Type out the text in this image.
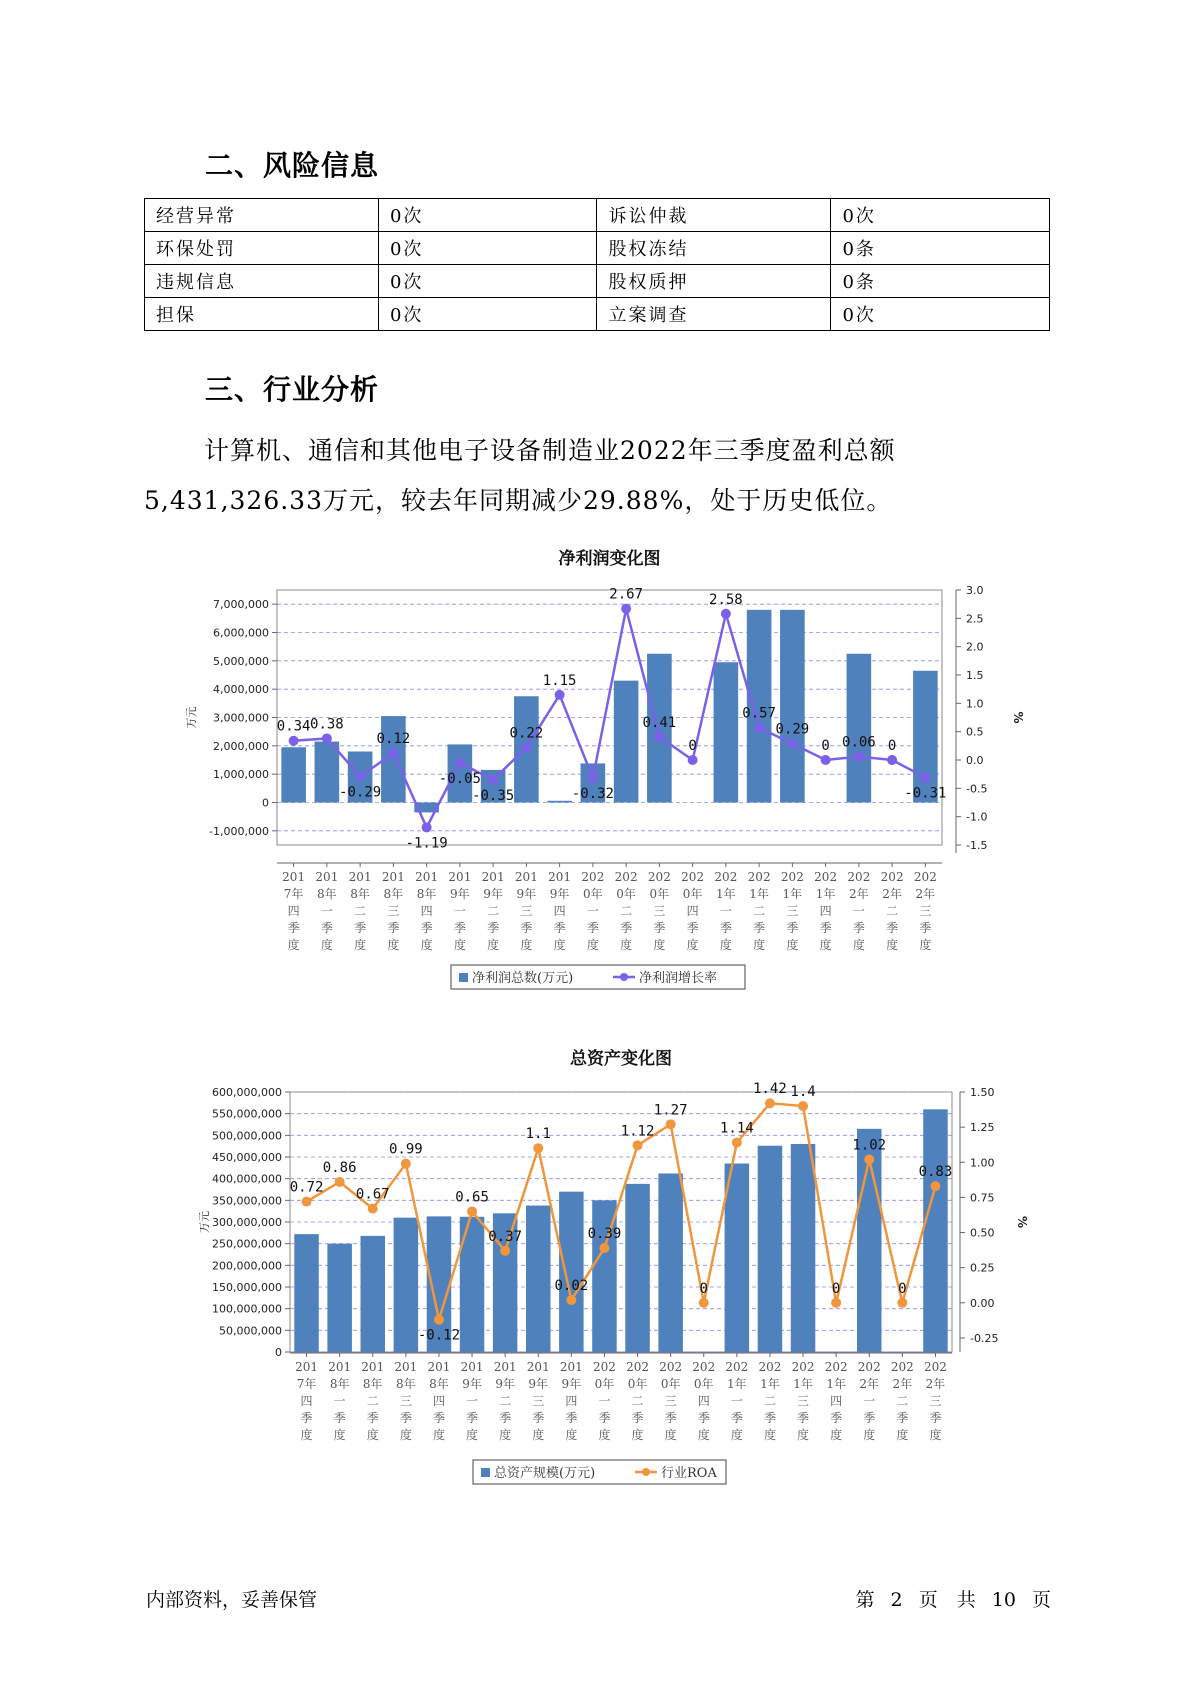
二、风险信息
经营异常	0次	诉讼仲裁	0次
环保处罚	0次	股权冻结	0条
违规信息	0次	股权质押	0条
担保	0次	立案调查	0次
三、行业分析

计算机、通信和其他电子设备制造业2022年三季度盈利总额
5,431,326.33万元，较去年同期减少29.88%，处于历史低位。

净利润变化图
-1,000,000
0
1,000,000
2,000,000
3,000,000
4,000,000
5,000,000
6,000,000
7,000,000
-1.5
-1.0
-0.5
0.0
0.5
1.0
1.5
2.0
2.5
3.0
万元	%
0.34 0.38
-0.29
0.12
-1.19
-0.05
-0.35
0.22
1.15
-0.32
2.67
0.41
0
2.58
0.57
0.29
0 0.06 0
-0.31
201
7年
四
季
度
201
8年
一
季
度
201
8年
二
季
度
201
8年
三
季
度
201
8年
四
季
度
201
9年
一
季
度
201
9年
二
季
度
201
9年
三
季
度
201
9年
四
季
度
202
0年
一
季
度
202
0年
二
季
度
202
0年
三
季
度
202
0年
四
季
度
202
1年
一
季
度
202
1年
二
季
度
202
1年
三
季
度
202
1年
四
季
度
202
2年
一
季
度
202
2年
二
季
度
202
2年
三
季
度
净利润总数(万元)	净利润增长率
总资产变化图
0
50,000,000
100,000,000
150,000,000
200,000,000
250,000,000
300,000,000
350,000,000
400,000,000
450,000,000
500,000,000
550,000,000
600,000,000
-0.25
0.00
0.25
0.50
0.75
1.00
1.25
1.50
万元	%
0.72
0.86
0.67
0.99
-0.12
0.65
0.37
1.1
0.02
0.39
1.12
1.27
0
1.14
1.42 1.4
0
1.02
0
0.83
201
7年
四
季
度
201
8年
一
季
度
201
8年
二
季
度
201
8年
三
季
度
201
8年
四
季
度
201
9年
一
季
度
201
9年
二
季
度
201
9年
三
季
度
201
9年
四
季
度
202
0年
一
季
度
202
0年
二
季
度
202
0年
三
季
度
202
0年
四
季
度
202
1年
一
季
度
202
1年
二
季
度
202
1年
三
季
度
202
1年
四
季
度
202
2年
一
季
度
202
2年
二
季
度
202
2年
三
季
度
总资产规模(万元)	行业ROA
内部资料，妥善保管	第 2 页　共 10 页
